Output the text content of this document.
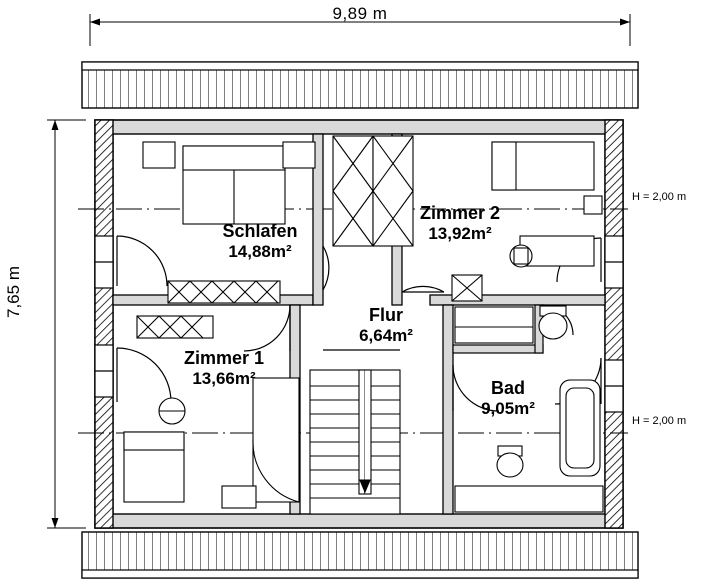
9,89 m
7,65 m
H = 2,00 m
H = 2,00 m
Schlafen
14,88m²
Zimmer 2
13,92m²
Zimmer 1
13,66m²
Flur
6,64m²
Bad
9,05m²
